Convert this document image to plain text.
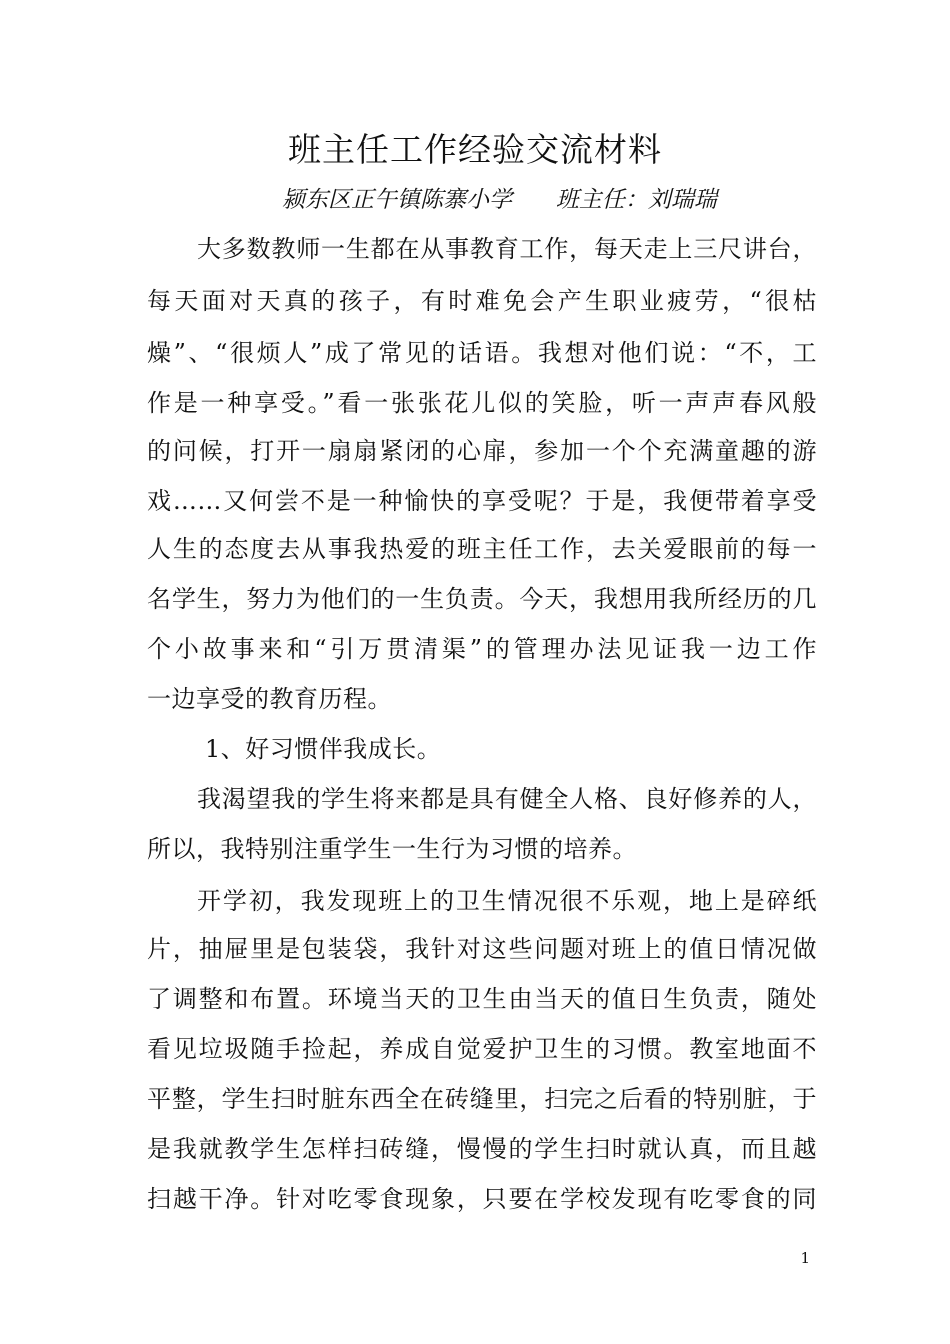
班主任工作经验交流材料
颍东区正午镇陈寨小学      班主任：刘瑞瑞
大多数教师一生都在从事教育工作，每天走上三尺讲台，
每天面对天真的孩子，有时难免会产生职业疲劳，“很枯
燥”、“很烦人”成了常见的话语。我想对他们说：“不，工
作是一种享受。”看一张张花儿似的笑脸，听一声声春风般
的问候，打开一扇扇紧闭的心扉，参加一个个充满童趣的游
戏……又何尝不是一种愉快的享受呢？于是，我便带着享受
人生的态度去从事我热爱的班主任工作，去关爱眼前的每一
名学生，努力为他们的一生负责。今天，我想用我所经历的几
个小故事来和“引万贯清渠”的管理办法见证我一边工作
一边享受的教育历程。
1、好习惯伴我成长。
我渴望我的学生将来都是具有健全人格、良好修养的人，
所以，我特别注重学生一生行为习惯的培养。
开学初，我发现班上的卫生情况很不乐观，地上是碎纸
片，抽屉里是包装袋，我针对这些问题对班上的值日情况做
了调整和布置。环境当天的卫生由当天的值日生负责，随处
看见垃圾随手捡起，养成自觉爱护卫生的习惯。教室地面不
平整，学生扫时脏东西全在砖缝里，扫完之后看的特别脏，于
是我就教学生怎样扫砖缝，慢慢的学生扫时就认真，而且越
扫越干净。针对吃零食现象，只要在学校发现有吃零食的同
1
